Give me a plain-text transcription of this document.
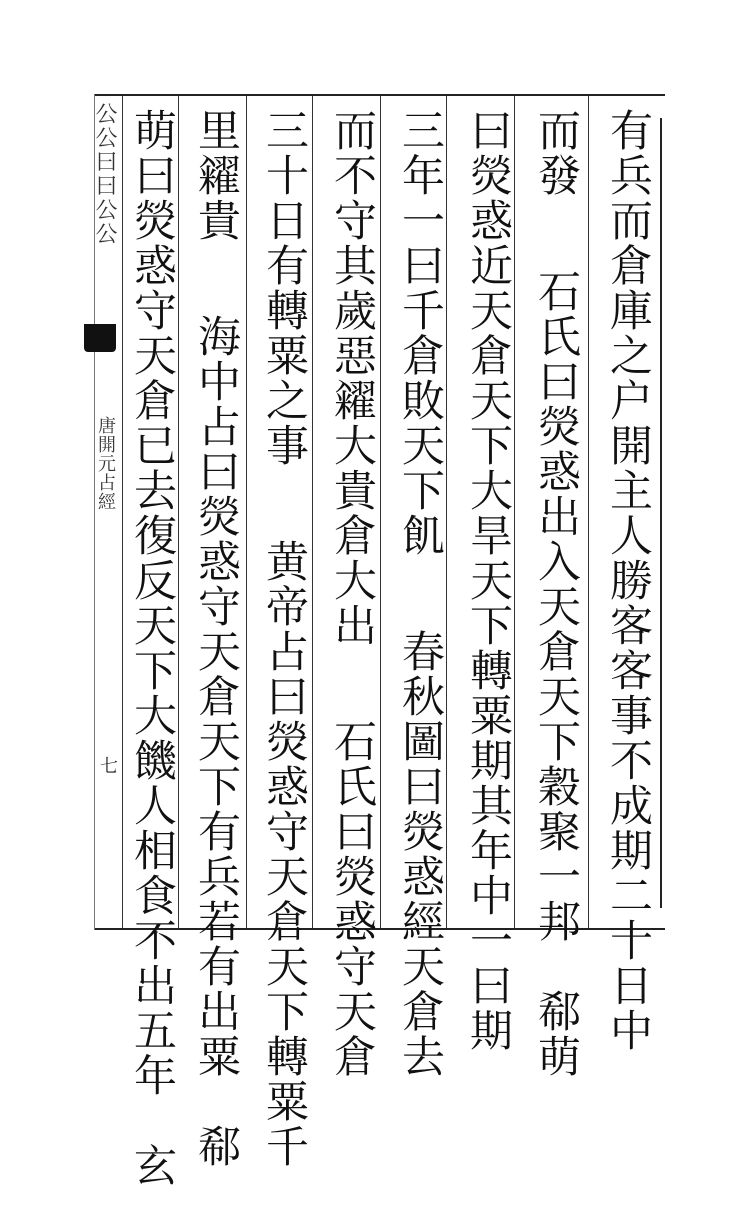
公公曰曰公公
唐開元占經
七	有兵而倉庫之户開主人勝客客事不成期二十日中
而發　石氏曰熒惑出入天倉天下穀聚一邦　郗萌
曰熒惑近天倉天下大旱天下轉粟期其年中一曰期
三年一曰千倉敗天下飢　春秋圖曰熒惑經天倉去
而不守其歲惡糴大貴倉大出　石氏曰熒惑守天倉
三十日有轉粟之事　黄帝占曰熒惑守天倉天下轉粟千
里糴貴　海中占曰熒惑守天倉天下有兵若有出粟　郗
萌曰熒惑守天倉已去復反天下大饑人相食不出五年　玄
